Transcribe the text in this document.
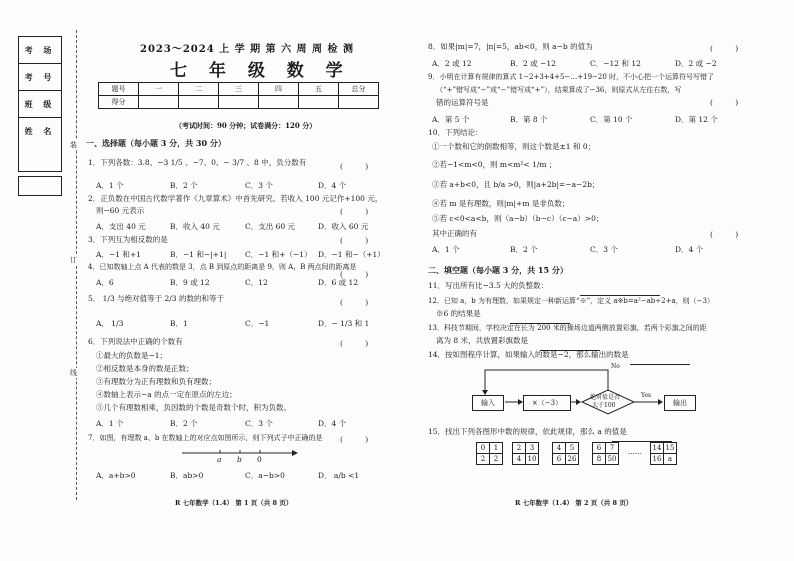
考 场
考 号
班 级
姓 名
装
订
线
2023～2024 上 学 期 第 六 周 周 检 测
七 年 级 数 学
题号	一	二	三	四	五	总分
得分						
（考试时间：90 分钟；试卷满分：120 分）
一、选择题（每小题 3 分，共 30 分）
1．下列各数：3.8、−3 1/5 、−7、0、− 3/7 、8 中，负分数有	( )
A．1 个	B．2 个	C．3 个	D．4 个
2．正负数在中国古代数学著作《九章算术》中首先研究。若收入 100 元记作+100 元，
则−60 元表示	( )
A．支出 40 元	B．收入 40 元	C．支出 60 元	D．收入 60 元
3．下列互为相反数的是	( )
A．−1 和+1	B．−1 和−|+1| C．−1 和+（−1） D．−1 和−（+1）
4．已知数轴上点 A 代表的数是 3，点 B 到原点的距离是 9，则 A，B 两点间的距离是
( )
A．6	B．9 或 12	C．12	D．6 或 12
5． 1/3 与绝对值等于 2/3 的数的和等于	( )
A． 1/3	B．1	C．−1	D．− 1/3 和 1
6．下列说法中正确的个数有	( )
①最大的负数是−1；
②相反数是本身的数是正数；
③有理数分为正有理数和负有理数；
④数轴上表示−a 的点一定在原点的左边；
⑤几个有理数相乘，负因数的个数是奇数个时，积为负数。
A．1 个	B．2 个	C．3 个	D．4 个
7．如图，有理数 a、b 在数轴上的对应点如图所示，则下列式子中正确的是 ( )
a b 0
A．a+b>0	B．ab>0	C．a−b>0	D． a/b <1
R 七年数学（1.4） 第 1 页（共 8 页）
8．如果|m|=7，|n|=5，ab<0，则 a−b 的值为	( )
A．2 或 12	B．2 或 −12	C．−12 和 12	D．2 或 −2
9．小明在计算有规律的算式 1−2+3+4+5−…+19−20 时，不小心把一个运算符号写错了
（“+”错写成“−”或“−”错写成“+”），结果算成了−36，则原式从左往右数，写
错的运算符号是	( )
A．第 5 个	B．第 8 个	C．第 10 个	D．第 12 个
10．下列结论：
①一个数和它的倒数相等，则这个数是±1 和 0；
②若−1<m<0，则 m<m²< 1/m ；
③若 a+b<0，且 b/a >0，则|a+2b|=−a−2b；
④若 m 是有理数，则|m|+m 是非负数；
⑤若 c<0<a<b，则（a−b）（b−c）（c−a）>0；
其中正确的有	( )
A．1 个	B．2 个	C．3 个	D．4 个
二、填空题（每小题 3 分，共 15 分）
11．写出所有比−3.5 大的负整数：
12．已知 a，b 为有理数，如果规定一种新运算“※”，定义 a※b=a²−ab÷2+a，则（−3）
※6 的结果是
13．科技节期间，学校决定在长为 200 米的操场边道两侧放置彩旗，若两个彩旗之间的距
离为 8 米，共放置彩旗数是
14．按如图程序计算，如果输入的数是−2，那么输出的数是
输入	×（−3）
绝对值是否
大于100
Yes
No
输出
15．找出下列各图形中数的规律，依此规律，那么 a 的值是
0	1
2	2
2	3
4	10
4	5
6	26
6	7
8	50
…… 14	15
16	a
R 七年数学（1.4） 第 2 页（共 8 页）
